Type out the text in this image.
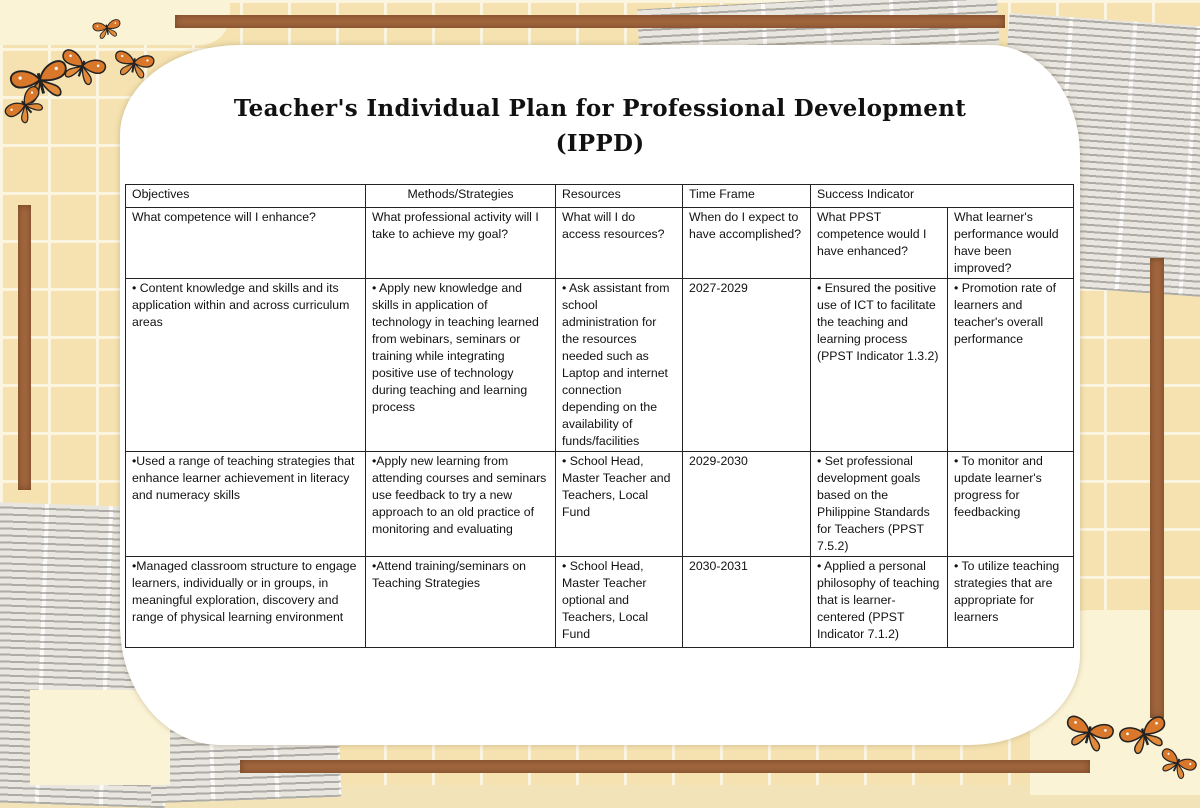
Teacher's Individual Plan for Professional Development
(IPPD)
Objectives	Methods/Strategies	Resources	Time Frame	Success Indicator	
What competence will I enhance?	What professional activity will I take to achieve my goal?	What will I do access resources?	When do I expect to have accomplished?	What PPST competence would I have enhanced?	What learner's performance would have been improved?
• Content knowledge and skills and its application within and across curriculum areas	• Apply new knowledge and skills in application of technology in teaching learned from webinars, seminars or training while integrating positive use of technology during teaching and learning process	• Ask assistant from school administration for the resources needed such as Laptop and internet connection depending on the availability of funds/facilities	2027-2029	• Ensured the positive use of ICT to facilitate the teaching and learning process (PPST Indicator 1.3.2)	• Promotion rate of learners and teacher's overall performance
•Used a range of teaching strategies that enhance learner achievement in literacy and numeracy skills	•Apply new learning from attending courses and seminars use feedback to try a new approach to an old practice of monitoring and evaluating	• School Head, Master Teacher and Teachers, Local Fund	2029-2030	• Set professional development goals based on the Philippine Standards for Teachers (PPST 7.5.2)	• To monitor and update learner's progress for feedbacking
•Managed classroom structure to engage learners, individually or in groups, in meaningful exploration, discovery and range of physical learning environment	•Attend training/seminars on Teaching Strategies	• School Head, Master Teacher optional and Teachers, Local Fund	2030-2031	• Applied a personal philosophy of teaching that is learner-centered (PPST Indicator 7.1.2)	• To utilize teaching strategies that are appropriate for learners
